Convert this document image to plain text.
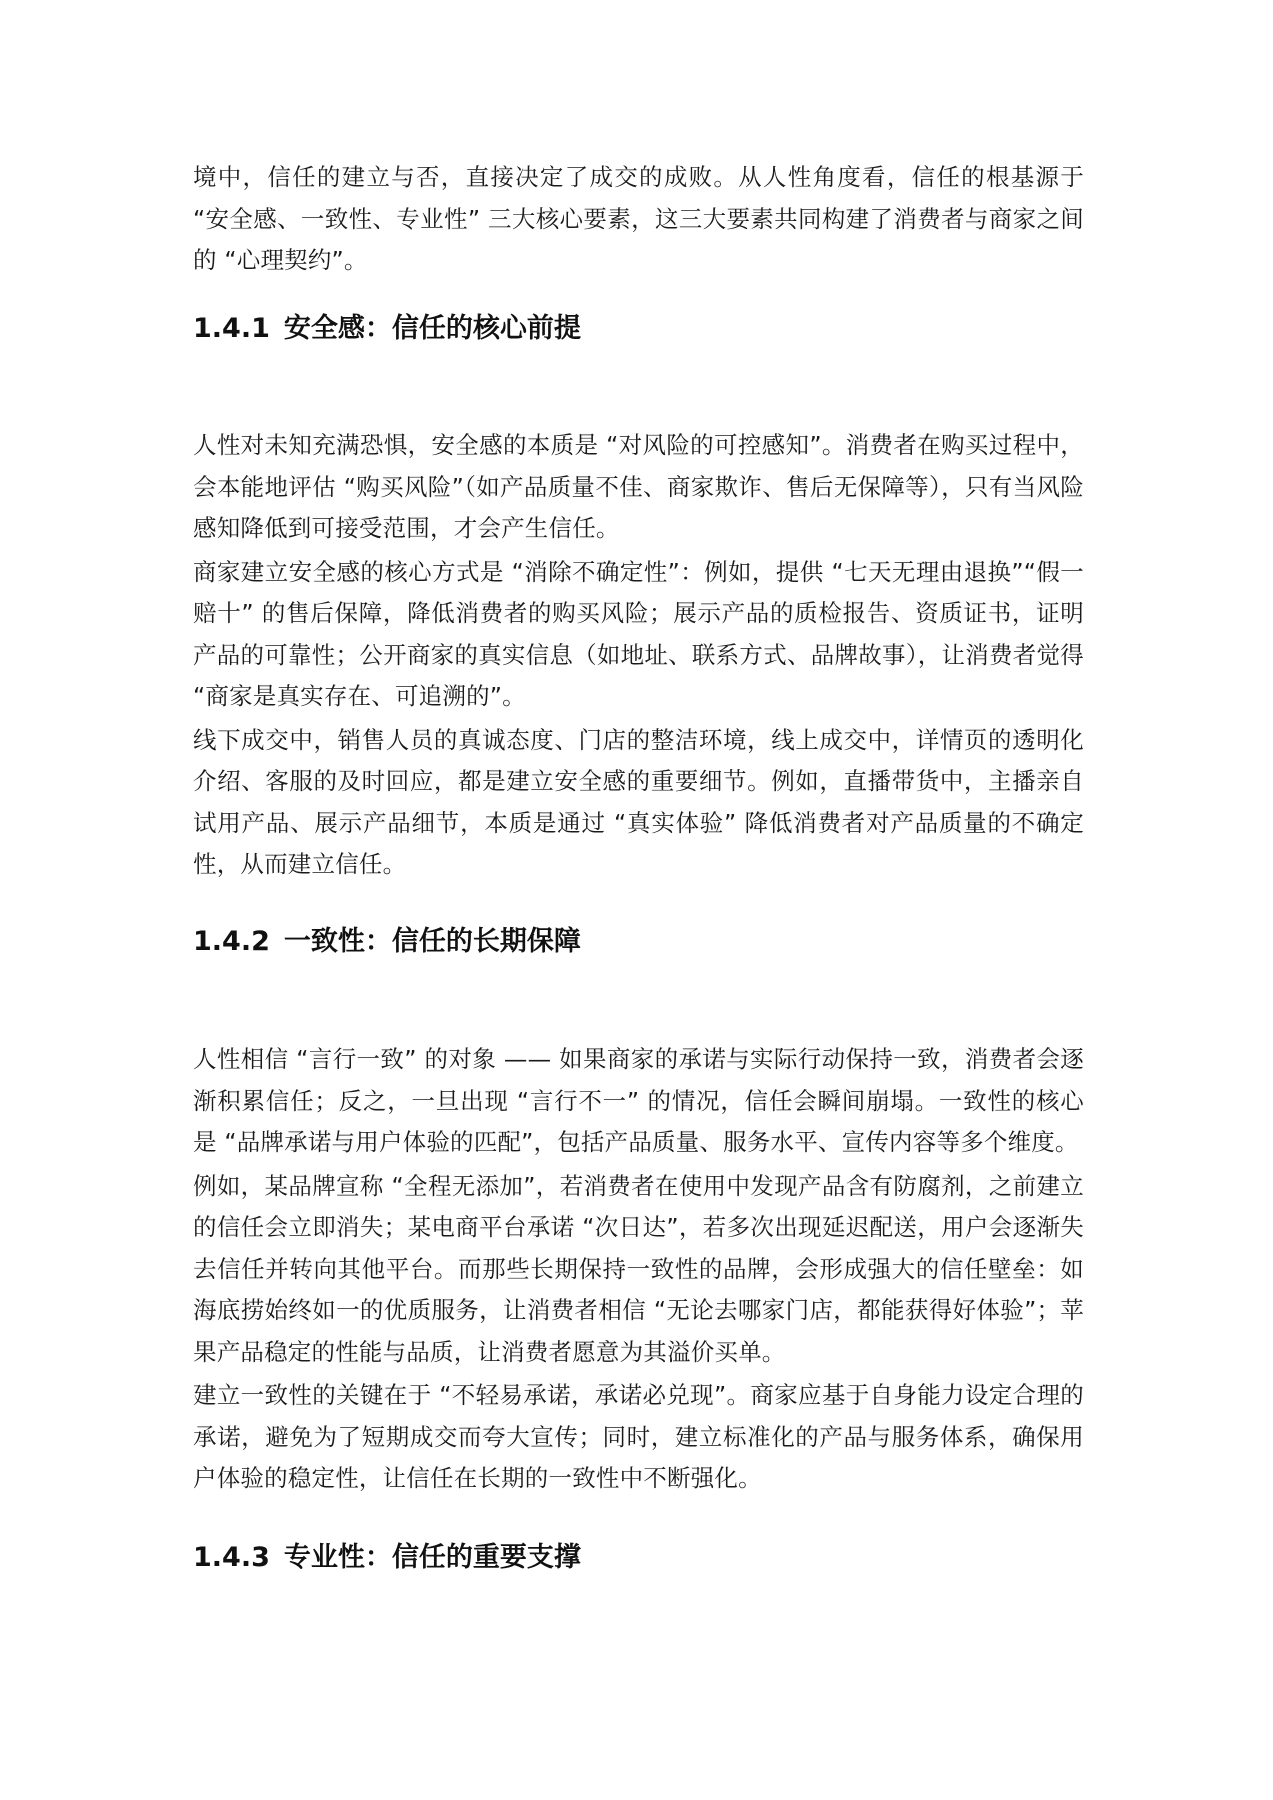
境中，信任的建立与否，直接决定了成交的成败。从人性角度看，信任的根基源于 “安全感、一致性、专业性” 三大核心要素，这三大要素共同构建了消费者与商家之间的 “心理契约”。

1.4.1 安全感：信任的核心前提

人性对未知充满恐惧，安全感的本质是 “对风险的可控感知”。消费者在购买过程中，会本能地评估 “购买风险”（如产品质量不佳、商家欺诈、售后无保障等），只有当风险感知降低到可接受范围，才会产生信任。

商家建立安全感的核心方式是 “消除不确定性”：例如，提供 “七天无理由退换”“假一赔十” 的售后保障，降低消费者的购买风险；展示产品的质检报告、资质证书，证明产品的可靠性；公开商家的真实信息（如地址、联系方式、品牌故事），让消费者觉得 “商家是真实存在、可追溯的”。

线下成交中，销售人员的真诚态度、门店的整洁环境，线上成交中，详情页的透明化介绍、客服的及时回应，都是建立安全感的重要细节。例如，直播带货中，主播亲自试用产品、展示产品细节，本质是通过 “真实体验” 降低消费者对产品质量的不确定性，从而建立信任。

1.4.2 一致性：信任的长期保障

人性相信 “言行一致” 的对象 —— 如果商家的承诺与实际行动保持一致，消费者会逐渐积累信任；反之，一旦出现 “言行不一” 的情况，信任会瞬间崩塌。一致性的核心是 “品牌承诺与用户体验的匹配”，包括产品质量、服务水平、宣传内容等多个维度。

例如，某品牌宣称 “全程无添加”，若消费者在使用中发现产品含有防腐剂，之前建立的信任会立即消失；某电商平台承诺 “次日达”，若多次出现延迟配送，用户会逐渐失去信任并转向其他平台。而那些长期保持一致性的品牌，会形成强大的信任壁垒：如海底捞始终如一的优质服务，让消费者相信 “无论去哪家门店，都能获得好体验”；苹果产品稳定的性能与品质，让消费者愿意为其溢价买单。

建立一致性的关键在于 “不轻易承诺，承诺必兑现”。商家应基于自身能力设定合理的承诺，避免为了短期成交而夸大宣传；同时，建立标准化的产品与服务体系，确保用户体验的稳定性，让信任在长期的一致性中不断强化。

1.4.3 专业性：信任的重要支撑
